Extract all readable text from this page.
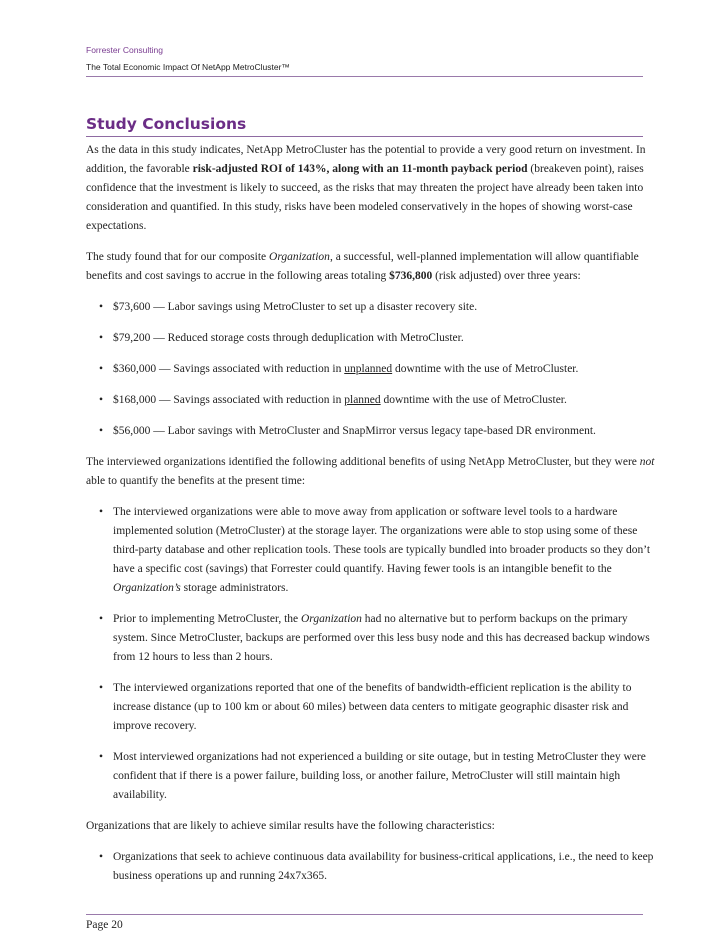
Forrester Consulting
The Total Economic Impact Of NetApp MetroCluster™
Study Conclusions

As the data in this study indicates, NetApp MetroCluster has the potential to provide a very good return on investment. In addition, the favorable risk-adjusted ROI of 143%, along with an 11-month payback period (breakeven point), raises confidence that the investment is likely to succeed, as the risks that may threaten the project have already been taken into consideration and quantified. In this study, risks have been modeled conservatively in the hopes of showing worst-case expectations.

The study found that for our composite Organization, a successful, well-planned implementation will allow quantifiable benefits and cost savings to accrue in the following areas totaling $736,800 (risk adjusted) over three years:

• $73,600 — Labor savings using MetroCluster to set up a disaster recovery site.
• $79,200 — Reduced storage costs through deduplication with MetroCluster.
• $360,000 — Savings associated with reduction in unplanned downtime with the use of MetroCluster.
• $168,000 — Savings associated with reduction in planned downtime with the use of MetroCluster.
• $56,000 — Labor savings with MetroCluster and SnapMirror versus legacy tape-based DR environment.

The interviewed organizations identified the following additional benefits of using NetApp MetroCluster, but they were not able to quantify the benefits at the present time:

• The interviewed organizations were able to move away from application or software level tools to a hardware implemented solution (MetroCluster) at the storage layer. The organizations were able to stop using some of these third-party database and other replication tools. These tools are typically bundled into broader products so they don’t have a specific cost (savings) that Forrester could quantify. Having fewer tools is an intangible benefit to the Organization’s storage administrators.
• Prior to implementing MetroCluster, the Organization had no alternative but to perform backups on the primary system. Since MetroCluster, backups are performed over this less busy node and this has decreased backup windows from 12 hours to less than 2 hours.
• The interviewed organizations reported that one of the benefits of bandwidth-efficient replication is the ability to increase distance (up to 100 km or about 60 miles) between data centers to mitigate geographic disaster risk and improve recovery.
• Most interviewed organizations had not experienced a building or site outage, but in testing MetroCluster they were confident that if there is a power failure, building loss, or another failure, MetroCluster will still maintain high availability.

Organizations that are likely to achieve similar results have the following characteristics:

• Organizations that seek to achieve continuous data availability for business-critical applications, i.e., the need to keep business operations up and running 24x7x365.
Page 20
